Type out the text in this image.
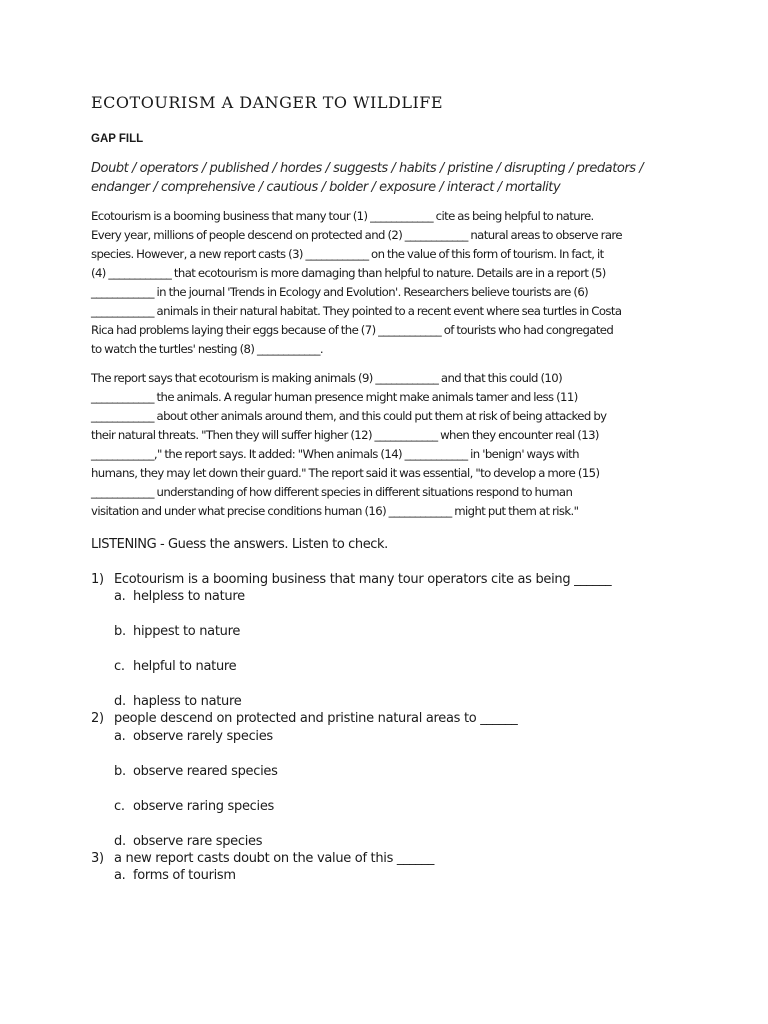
ECOTOURISM A DANGER TO WILDLIFE
GAP FILL
Doubt / operators / published / hordes / suggests / habits / pristine / disrupting / predators /
endanger / comprehensive / cautious / bolder / exposure / interact / mortality
Ecotourism is a booming business that many tour (1) ____________ cite as being helpful to nature.
Every year, millions of people descend on protected and (2) ____________ natural areas to observe rare
species. However, a new report casts (3) ____________ on the value of this form of tourism. In fact, it
(4) ____________ that ecotourism is more damaging than helpful to nature. Details are in a report (5)
____________ in the journal 'Trends in Ecology and Evolution'. Researchers believe tourists are (6)
____________ animals in their natural habitat. They pointed to a recent event where sea turtles in Costa
Rica had problems laying their eggs because of the (7) ____________ of tourists who had congregated
to watch the turtles' nesting (8) ____________.
The report says that ecotourism is making animals (9) ____________ and that this could (10)
____________ the animals. A regular human presence might make animals tamer and less (11)
____________ about other animals around them, and this could put them at risk of being attacked by
their natural threats. "Then they will suffer higher (12) ____________ when they encounter real (13)
____________," the report says. It added: "When animals (14) ____________ in 'benign' ways with
humans, they may let down their guard." The report said it was essential, "to develop a more (15)
____________ understanding of how different species in different situations respond to human
visitation and under what precise conditions human (16) ____________ might put them at risk."
LISTENING - Guess the answers. Listen to check.
1) Ecotourism is a booming business that many tour operators cite as being ______
a. helpless to nature
b. hippest to nature
c. helpful to nature
d. hapless to nature
2) people descend on protected and pristine natural areas to ______
a. observe rarely species
b. observe reared species
c. observe raring species
d. observe rare species
3) a new report casts doubt on the value of this ______
a. forms of tourism
